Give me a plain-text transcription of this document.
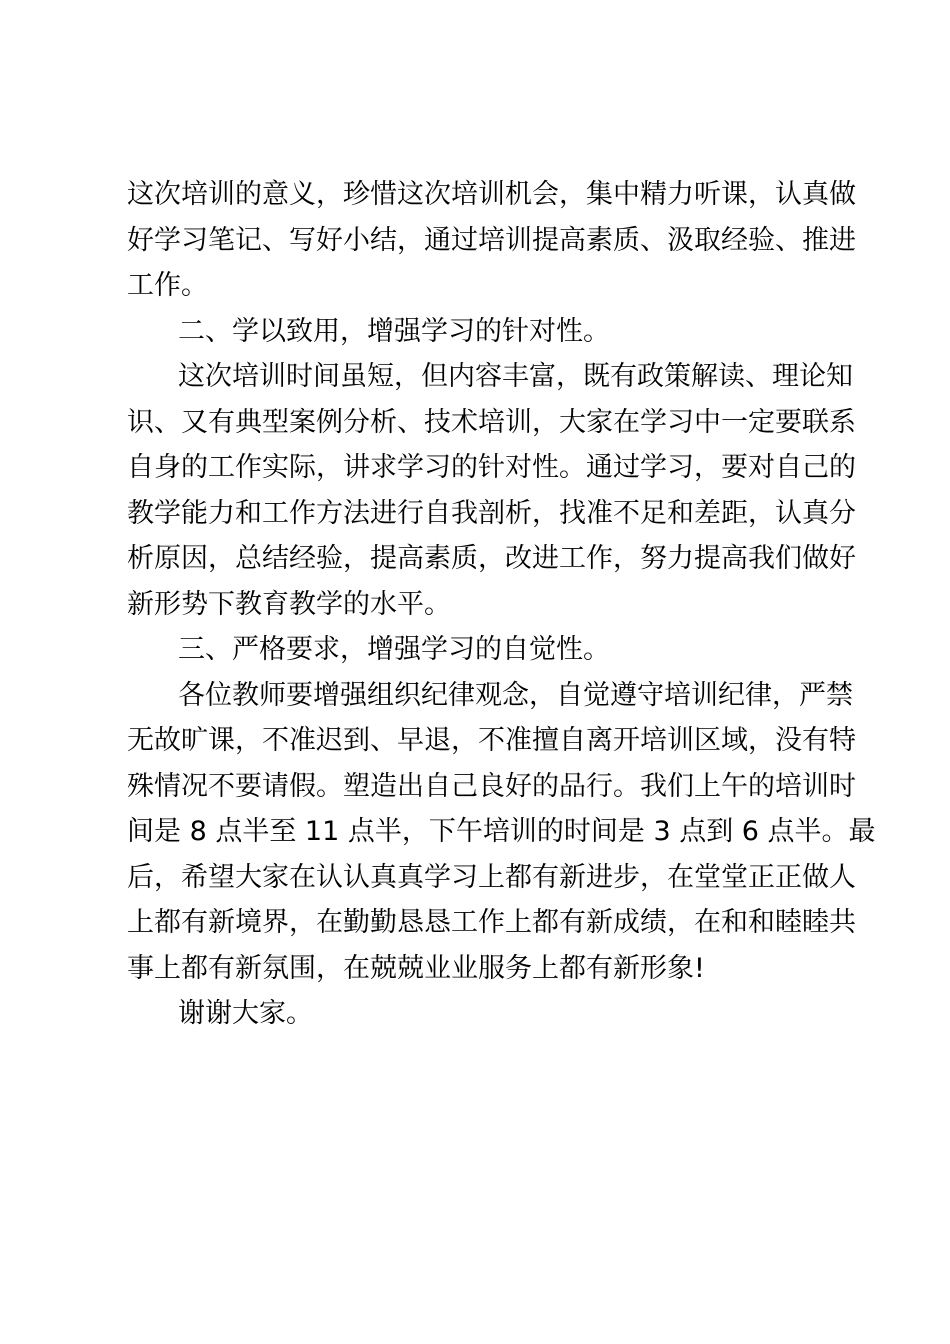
这次培训的意义，珍惜这次培训机会，集中精力听课，认真做
好学习笔记、写好小结，通过培训提高素质、汲取经验、推进
工作。
二、学以致用，增强学习的针对性。
这次培训时间虽短，但内容丰富，既有政策解读、理论知
识、又有典型案例分析、技术培训，大家在学习中一定要联系
自身的工作实际，讲求学习的针对性。通过学习，要对自己的
教学能力和工作方法进行自我剖析，找准不足和差距，认真分
析原因，总结经验，提高素质，改进工作，努力提高我们做好
新形势下教育教学的水平。
三、严格要求，增强学习的自觉性。
各位教师要增强组织纪律观念，自觉遵守培训纪律，严禁
无故旷课，不准迟到、早退，不准擅自离开培训区域，没有特
殊情况不要请假。塑造出自己良好的品行。我们上午的培训时
间是 8 点半至 11 点半，下午培训的时间是 3 点到 6 点半。最
后，希望大家在认认真真学习上都有新进步，在堂堂正正做人
上都有新境界，在勤勤恳恳工作上都有新成绩，在和和睦睦共
事上都有新氛围，在兢兢业业服务上都有新形象!
谢谢大家。
